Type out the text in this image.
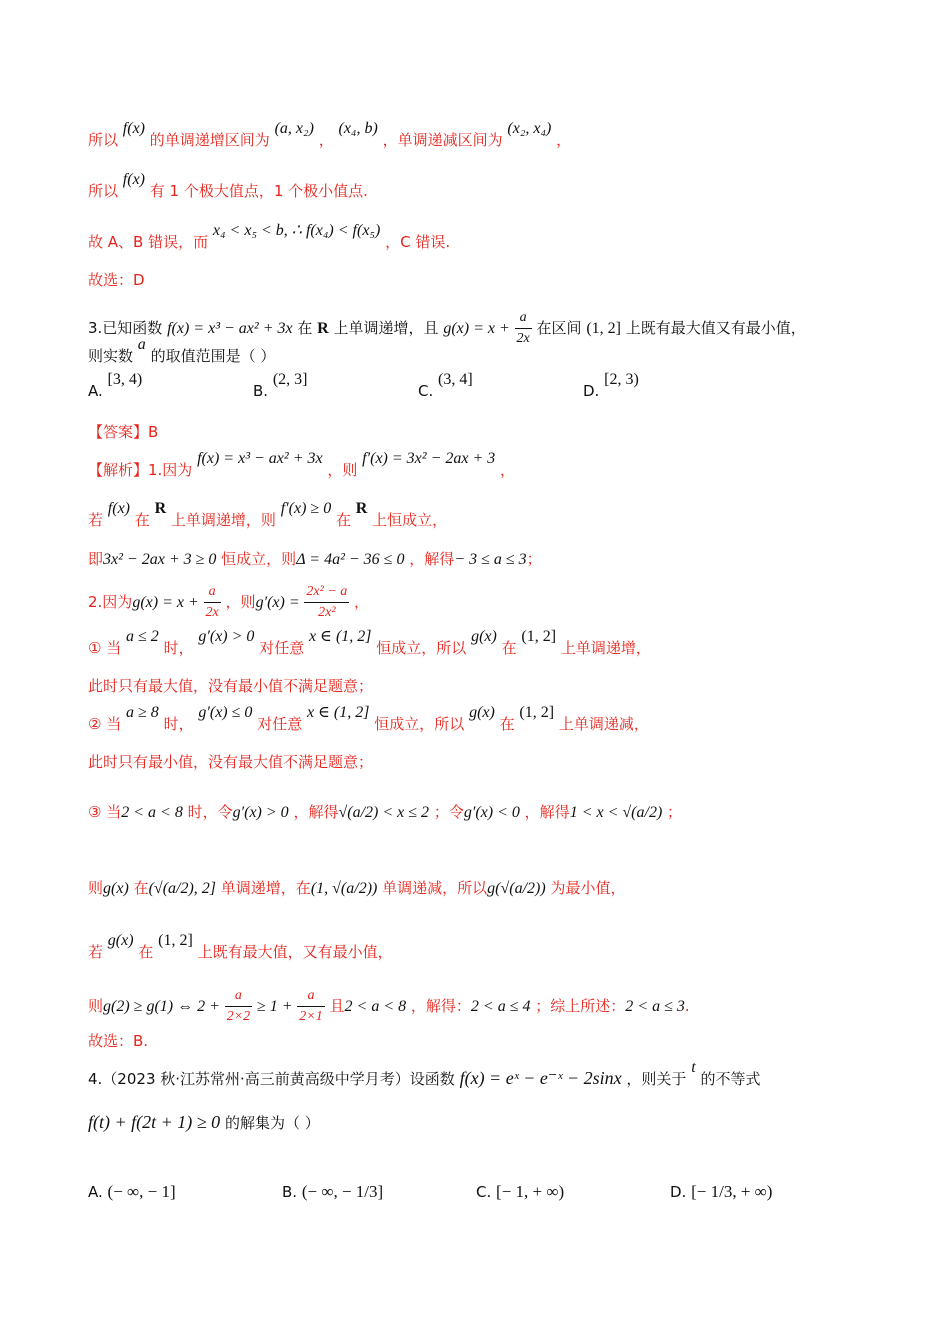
所以 f(x) 的单调递增区间为 (a, x₂) ， (x₄, b) ，单调递减区间为 (x₂, x₄) ，
所以 f(x) 有 1 个极大值点，1 个极小值点.
故 A、B 错误，而 x₄ < x₅ < b, ∴ f(x₄) < f(x₅) ，C 错误.
故选：D
3.已知函数 f(x) = x³ − ax² + 3x 在 R 上单调递增，且 $g(x) = x + \frac{a}{2x}$ 在区间 (1, 2] 上既有最大值又有最小值，
则实数 a 的取值范围是（ ）
A. [3, 4)
B. (2, 3]
C. (3, 4]
D. [2, 3)
【答案】B
【解析】1.因为 f(x) = x³ − ax² + 3x ，则 f′(x) = 3x² − 2ax + 3 ，
若 f(x) 在 R 上单调递增，则 f′(x) ≥ 0 在 R 上恒成立，
即3x² − 2ax + 3 ≥ 0 恒成立，则Δ = 4a² − 36 ≤ 0 ，解得− 3 ≤ a ≤ 3；
2.因为$g(x) = x + \frac{a}{2x}$ ，则$g'(x) = \frac{\text{2x² − a}}{\text{2x²}}$ ，
① 当 a ≤ 2 时， g′(x) > 0 对任意 x ∈ (1, 2] 恒成立，所以 g(x) 在 (1, 2] 上单调递增，
此时只有最大值，没有最小值不满足题意；
② 当 a ≥ 8 时， g′(x) ≤ 0 对任意 x ∈ (1, 2] 恒成立，所以 g(x) 在 (1, 2] 上单调递减，
此时只有最小值，没有最大值不满足题意；
③ 当2 < a < 8 时，令g′(x) > 0 ，解得√(a/2) < x ≤ 2 ；令g′(x) < 0 ，解得1 < x < √(a/2) ；
则g(x) 在(√(a/2), 2] 单调递增，在(1, √(a/2)) 单调递减，所以g(√(a/2)) 为最小值，
若 g(x) 在 (1, 2] 上既有最大值，又有最小值，
则g(2) ≥ g(1) ⇔ $2 + \frac{a}{2\times 2} \ge 1 + \frac{a}{2\times 1}$ 且2 < a < 8 ，解得：2 < a ≤ 4 ；综上所述：2 < a ≤ 3.
故选：B.
4.（2023 秋·江苏常州·高三前黄高级中学月考）设函数 f(x) = eˣ − e⁻ˣ − 2sinx ，则关于 t 的不等式
f(t) + f(2t + 1) ≥ 0 的解集为（ ）
A. (− ∞, − 1]	B. (− ∞, − 1/3]	C. [− 1, + ∞)	D. [− 1/3, + ∞)
